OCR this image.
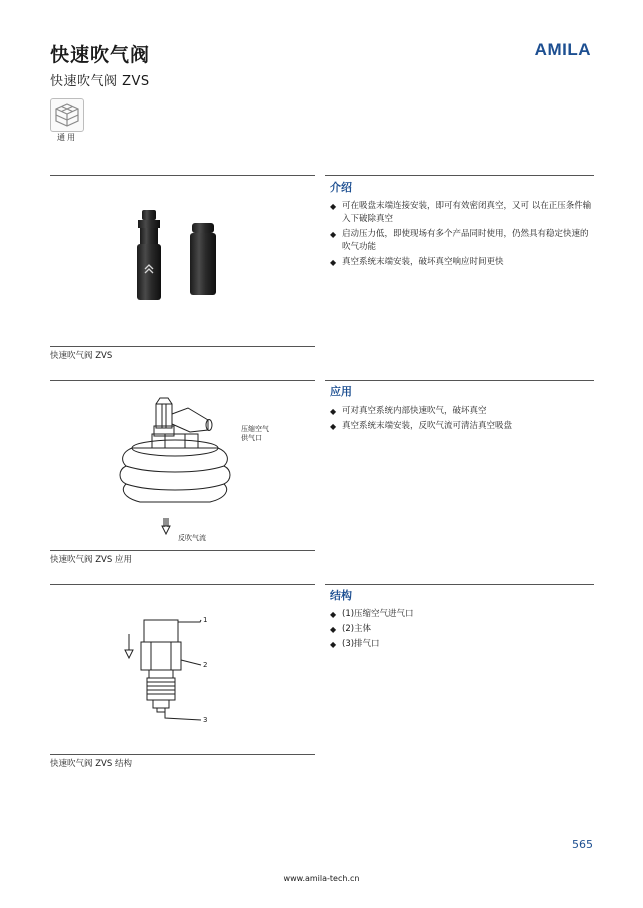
快速吹气阀
快速吹气阀 ZVS
AMILA
通用
快速吹气阀 ZVS
介绍
◆ 可在吸盘末端连接安装，即可有效密闭真空，又可 以在正压条件输入下破除真空
◆ 启动压力低，即使现场有多个产品同时使用，仍然具有稳定快速的吹气功能
◆ 真空系统末端安装，破坏真空响应时间更快
压缩空气
供气口
反吹气流
快速吹气阀 ZVS 应用
应用
◆ 可对真空系统内部快速吹气，破坏真空
◆ 真空系统末端安装，反吹气流可清洁真空吸盘
1
2
3
快速吹气阀 ZVS 结构
结构
◆ (1)压缩空气进气口
◆ (2)主体
◆ (3)排气口
565
www.amila-tech.cn
